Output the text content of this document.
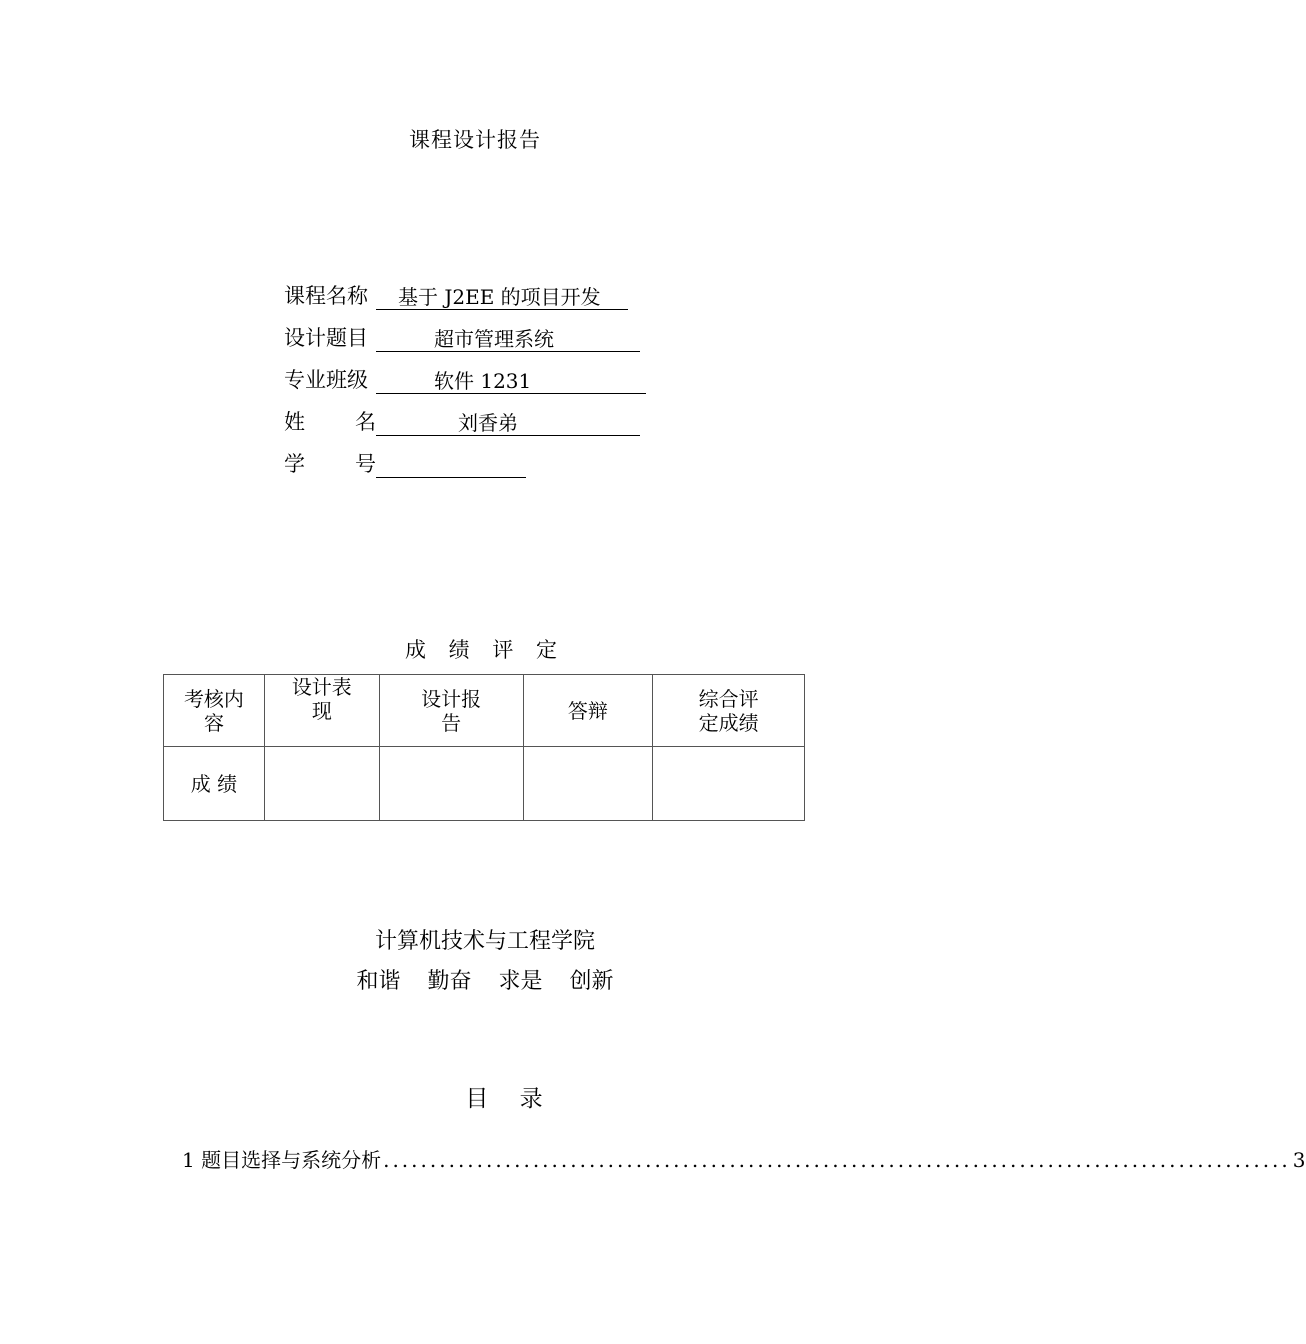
课程设计报告
课程名称	基于 J2EE 的项目开发
设计题目	超市管理系统
专业班级	软件 1231
姓 名	刘香弟
学 号

成 绩 评 定
考核内容	设计表现	设计报告	答辩	综合评定成绩
成 绩				
计算机技术与工程学院
和谐 勤奋 求是 创新
目 录
1 题目选择与系统分析 ................................................................................................. 3
